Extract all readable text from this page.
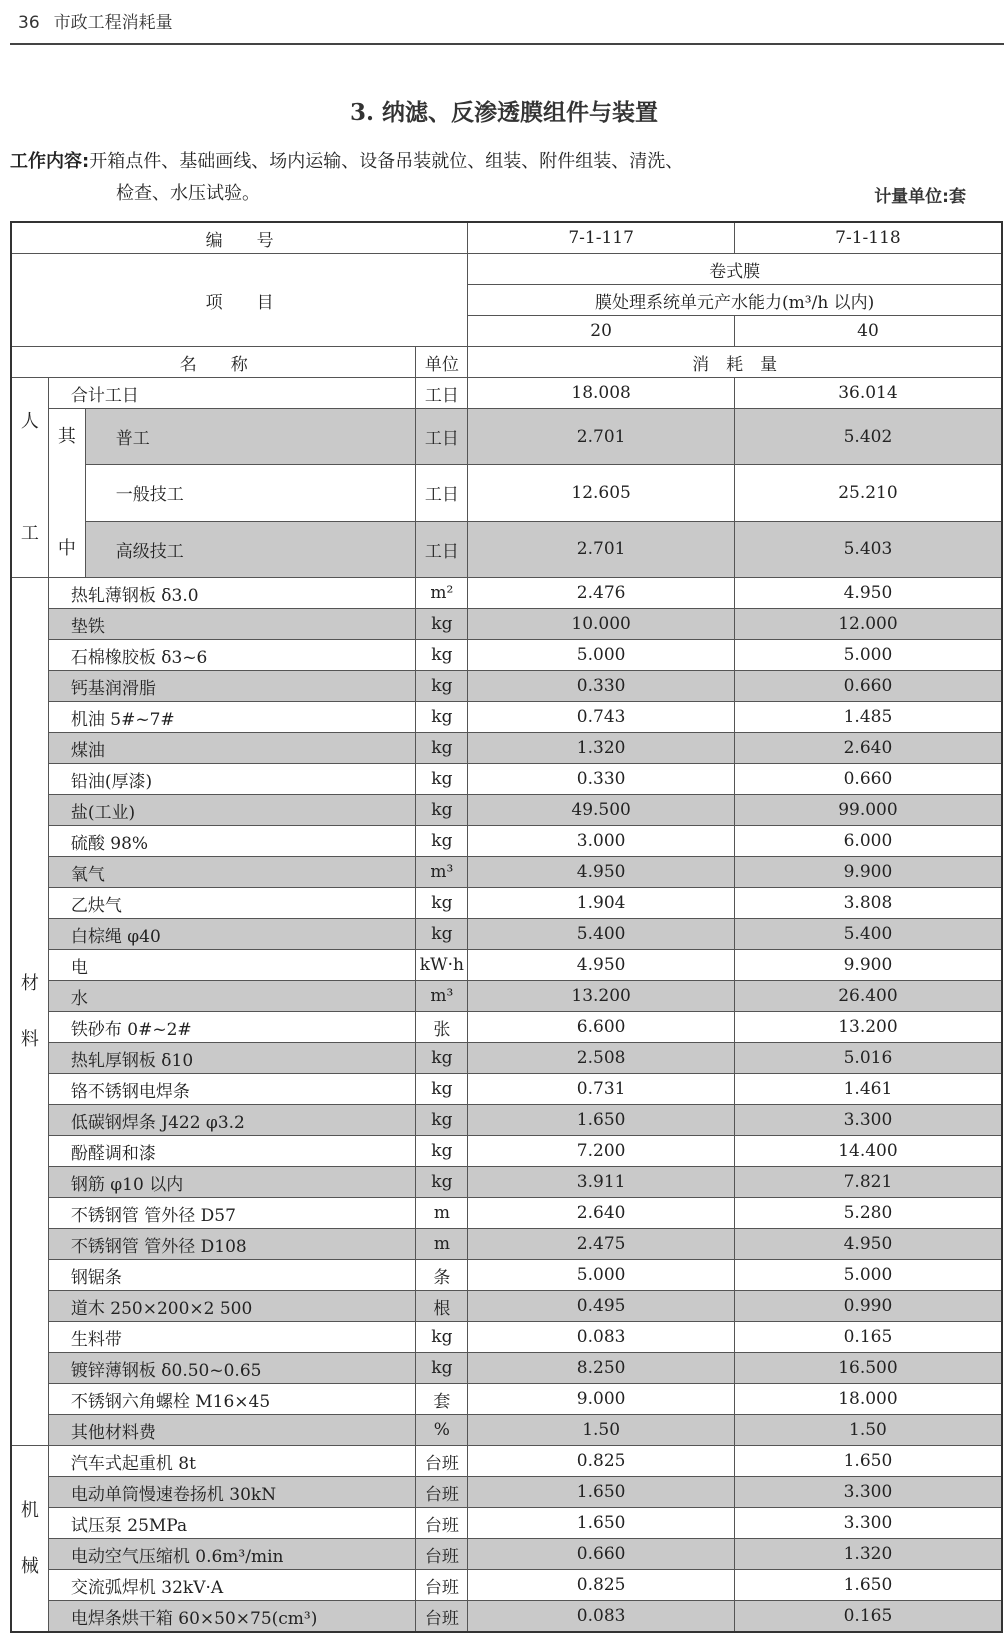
36 市政工程消耗量
3. 纳滤、反渗透膜组件与装置
工作内容:开箱点件、基础画线、场内运输、设备吊装就位、组装、附件组装、清洗、
检查、水压试验。	计量单位:套
编　　号				7-1-117	7-1-118
项　　目				卷式膜	
				膜处理系统单元产水能力(m³/h 以内)	
				20	40
名　　称			单位	消　耗　量	
人

工	合计工日		工日	18.008	36.014
	其

中	普工	工日	2.701	5.402
		一般技工	工日	12.605	25.210
		高级技工	工日	2.701	5.403
材
料	热轧薄钢板 δ3.0		m²	2.476	4.950
	垫铁		kg	10.000	12.000
	石棉橡胶板 δ3~6		kg	5.000	5.000
	钙基润滑脂		kg	0.330	0.660
	机油 5#~7#		kg	0.743	1.485
	煤油		kg	1.320	2.640
	铅油(厚漆)		kg	0.330	0.660
	盐(工业)		kg	49.500	99.000
	硫酸 98%		kg	3.000	6.000
	氧气		m³	4.950	9.900
	乙炔气		kg	1.904	3.808
	白棕绳 φ40		kg	5.400	5.400
	电		kW·h	4.950	9.900
	水		m³	13.200	26.400
	铁砂布 0#~2#		张	6.600	13.200
	热轧厚钢板 δ10		kg	2.508	5.016
	铬不锈钢电焊条		kg	0.731	1.461
	低碳钢焊条 J422 φ3.2		kg	1.650	3.300
	酚醛调和漆		kg	7.200	14.400
	钢筋 φ10 以内		kg	3.911	7.821
	不锈钢管 管外径 D57		m	2.640	5.280
	不锈钢管 管外径 D108		m	2.475	4.950
	钢锯条		条	5.000	5.000
	道木 250×200×2 500		根	0.495	0.990
	生料带		kg	0.083	0.165
	镀锌薄钢板 δ0.50~0.65		kg	8.250	16.500
	不锈钢六角螺栓 M16×45		套	9.000	18.000
	其他材料费		%	1.50	1.50
机
械	汽车式起重机 8t		台班	0.825	1.650
	电动单筒慢速卷扬机 30kN		台班	1.650	3.300
	试压泵 25MPa		台班	1.650	3.300
	电动空气压缩机 0.6m³/min		台班	0.660	1.320
	交流弧焊机 32kV·A		台班	0.825	1.650
	电焊条烘干箱 60×50×75(cm³)		台班	0.083	0.165
